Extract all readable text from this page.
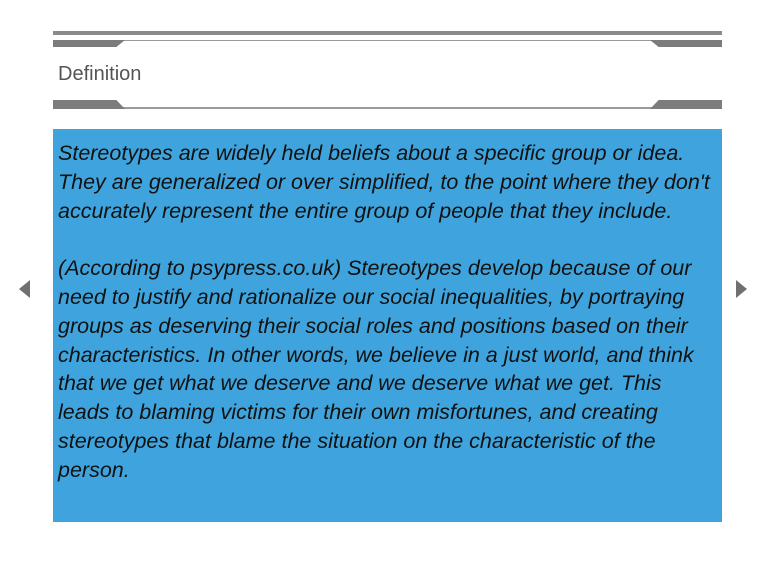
Definition

Stereotypes are widely held beliefs about a specific group or idea. They are generalized or over simplified, to the point where they don't accurately represent the entire group of people that they include.

(According to psypress.co.uk) Stereotypes develop because of our need to justify and rationalize our social inequalities, by portraying groups as deserving their social roles and positions based on their characteristics. In other words, we believe in a just world, and think that we get what we deserve and we deserve what we get. This leads to blaming victims for their own misfortunes, and creating stereotypes that blame the situation on the characteristic of the person.
